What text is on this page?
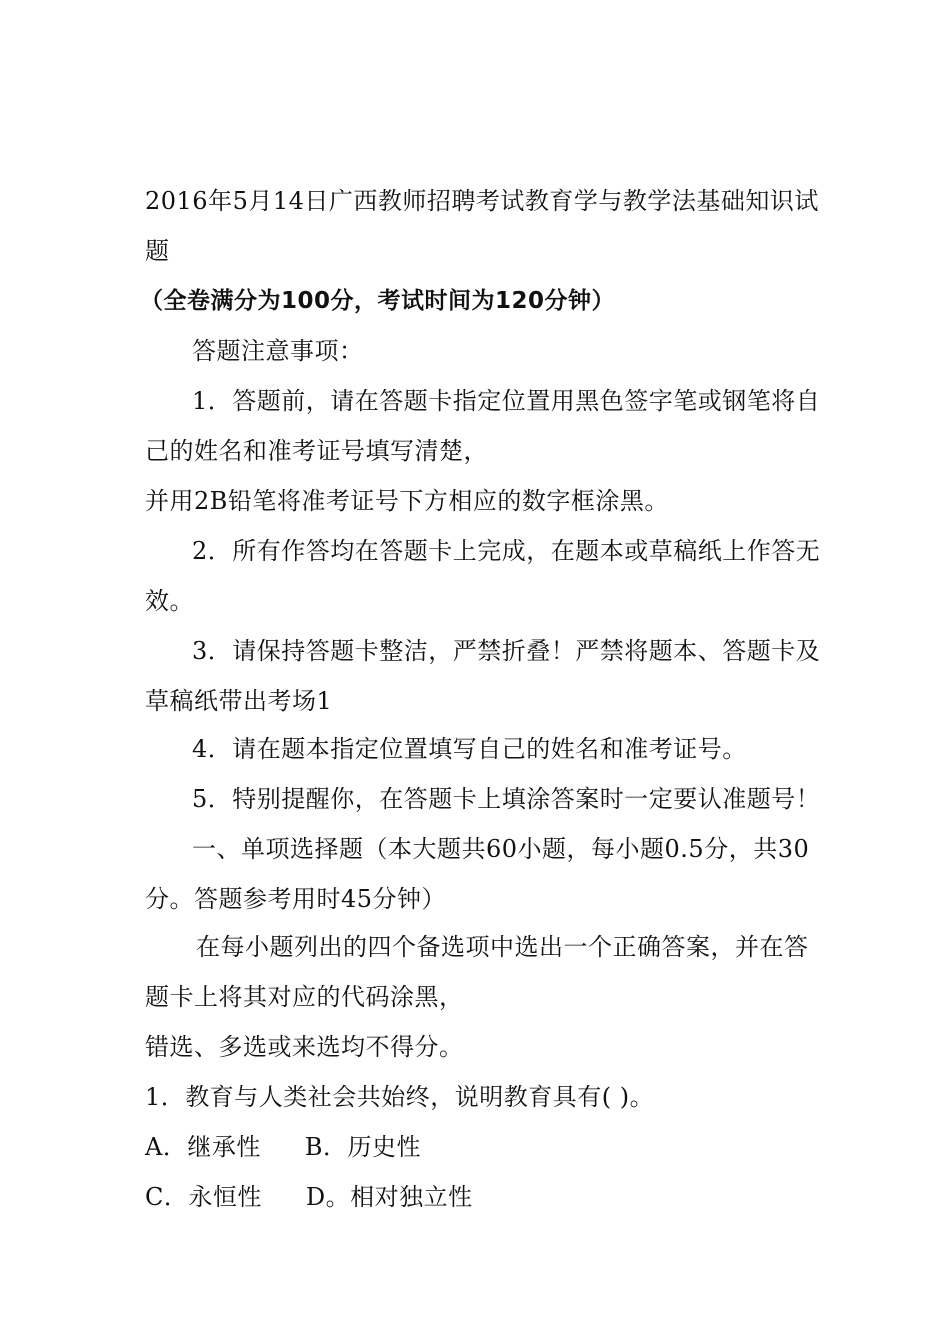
2016年5月14日广西教师招聘考试教育学与教学法基础知识试
题
（全卷满分为100分，考试时间为120分钟）
答题注意事项：
1．答题前，请在答题卡指定位置用黑色签字笔或钢笔将自
己的姓名和准考证号填写清楚，
并用2B铅笔将准考证号下方相应的数字框涂黑。
2．所有作答均在答题卡上完成，在题本或草稿纸上作答无
效。
3．请保持答题卡整洁，严禁折叠！严禁将题本、答题卡及
草稿纸带出考场1
4．请在题本指定位置填写自己的姓名和准考证号。
5．特别提醒你，在答题卡上填涂答案时一定要认准题号！
一、单项选择题（本大题共60小题，每小题0.5分，共30
分。答题参考用时45分钟）
在每小题列出的四个备选项中选出一个正确答案，并在答
题卡上将其对应的代码涂黑，
错选、多选或来选均不得分。
1．教育与人类社会共始终，说明教育具有( )。
A．继承性 B．历史性
C．永恒性 D。相对独立性
